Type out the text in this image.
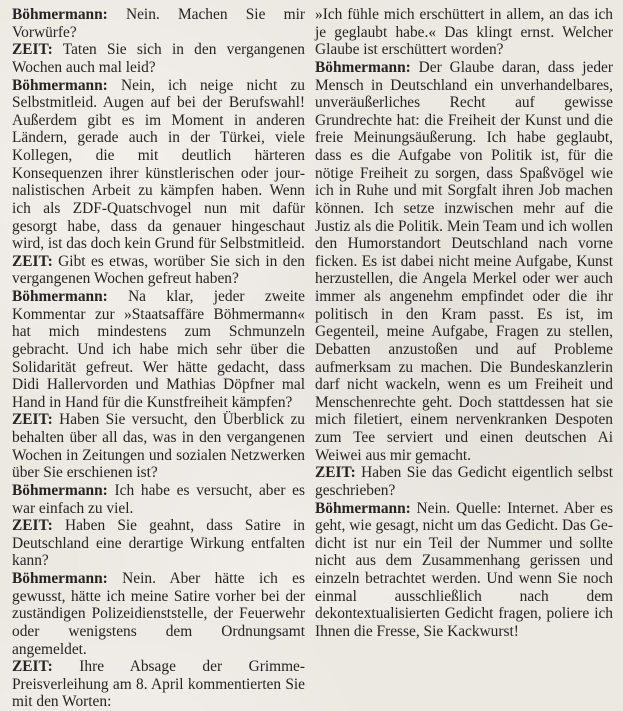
Böhmermann: Nein. Machen Sie mir Vorwürfe?

ZEIT: Taten Sie sich in den vergangenen Wochen auch mal leid?

Böhmermann: Nein, ich neige nicht zu Selbstmitleid. Augen auf bei der Berufswahl! Außerdem gibt es im Moment in anderen Ländern, gerade auch in der Türkei, viele Kollegen, die mit deutlich härteren Konsequenzen ihrer künstlerischen oder journalistischen Arbeit zu kämpfen haben. Wenn ich als ZDF-Quatschvogel nun mit dafür gesorgt habe, dass da genauer hingeschaut wird, ist das doch kein Grund für Selbstmitleid.

ZEIT: Gibt es etwas, worüber Sie sich in den vergangenen Wochen gefreut haben?

Böhmermann: Na klar, jeder zweite Kommentar zur »Staatsaffäre Böhmermann« hat mich mindestens zum Schmunzeln gebracht. Und ich habe mich sehr über die Solidarität gefreut. Wer hätte gedacht, dass Didi Hallervorden und Mathias Döpfner mal Hand in Hand für die Kunstfreiheit kämpfen?

ZEIT: Haben Sie versucht, den Überblick zu behalten über all das, was in den vergangenen Wochen in Zeitungen und sozialen Netzwerken über Sie erschienen ist?

Böhmermann: Ich habe es versucht, aber es war einfach zu viel.

ZEIT: Haben Sie geahnt, dass Satire in Deutschland eine derartige Wirkung entfalten kann?

Böhmermann: Nein. Aber hätte ich es gewusst, hätte ich meine Satire vorher bei der zuständigen Polizeidienststelle, der Feuerwehr oder wenigstens dem Ordnungsamt angemeldet.

ZEIT: Ihre Absage der Grimme-Preisverleihung am 8. April kommentierten Sie mit den Worten:

»Ich fühle mich erschüttert in allem, an das ich je geglaubt habe.« Das klingt ernst. Welcher Glaube ist erschüttert worden?

Böhmermann: Der Glaube daran, dass jeder Mensch in Deutschland ein unverhandelbares, unveräußerliches Recht auf gewisse Grundrechte hat: die Freiheit der Kunst und die freie Meinungsäußerung. Ich habe geglaubt, dass es die Aufgabe von Politik ist, für die nötige Freiheit zu sorgen, dass Spaßvögel wie ich in Ruhe und mit Sorgfalt ihren Job machen können. Ich setze inzwischen mehr auf die Justiz als die Politik. Mein Team und ich wollen den Humorstandort Deutschland nach vorne ficken. Es ist dabei nicht meine Aufgabe, Kunst herzustellen, die Angela Merkel oder wer auch immer als angenehm empfindet oder die ihr politisch in den Kram passt. Es ist, im Gegenteil, meine Aufgabe, Fragen zu stellen, Debatten anzustoßen und auf Probleme aufmerksam zu machen. Die Bundeskanzlerin darf nicht wackeln, wenn es um Freiheit und Menschenrechte geht. Doch stattdessen hat sie mich filetiert, einem nervenkranken Despoten zum Tee serviert und einen deutschen Ai Weiwei aus mir gemacht.

ZEIT: Haben Sie das Gedicht eigentlich selbst geschrieben?

Böhmermann: Nein. Quelle: Internet. Aber es geht, wie gesagt, nicht um das Gedicht. Das Gedicht ist nur ein Teil der Nummer und sollte nicht aus dem Zusammenhang gerissen und einzeln betrachtet werden. Und wenn Sie noch einmal ausschließlich nach dem dekontextualisierten Gedicht fragen, poliere ich Ihnen die Fresse, Sie Kackwurst!
